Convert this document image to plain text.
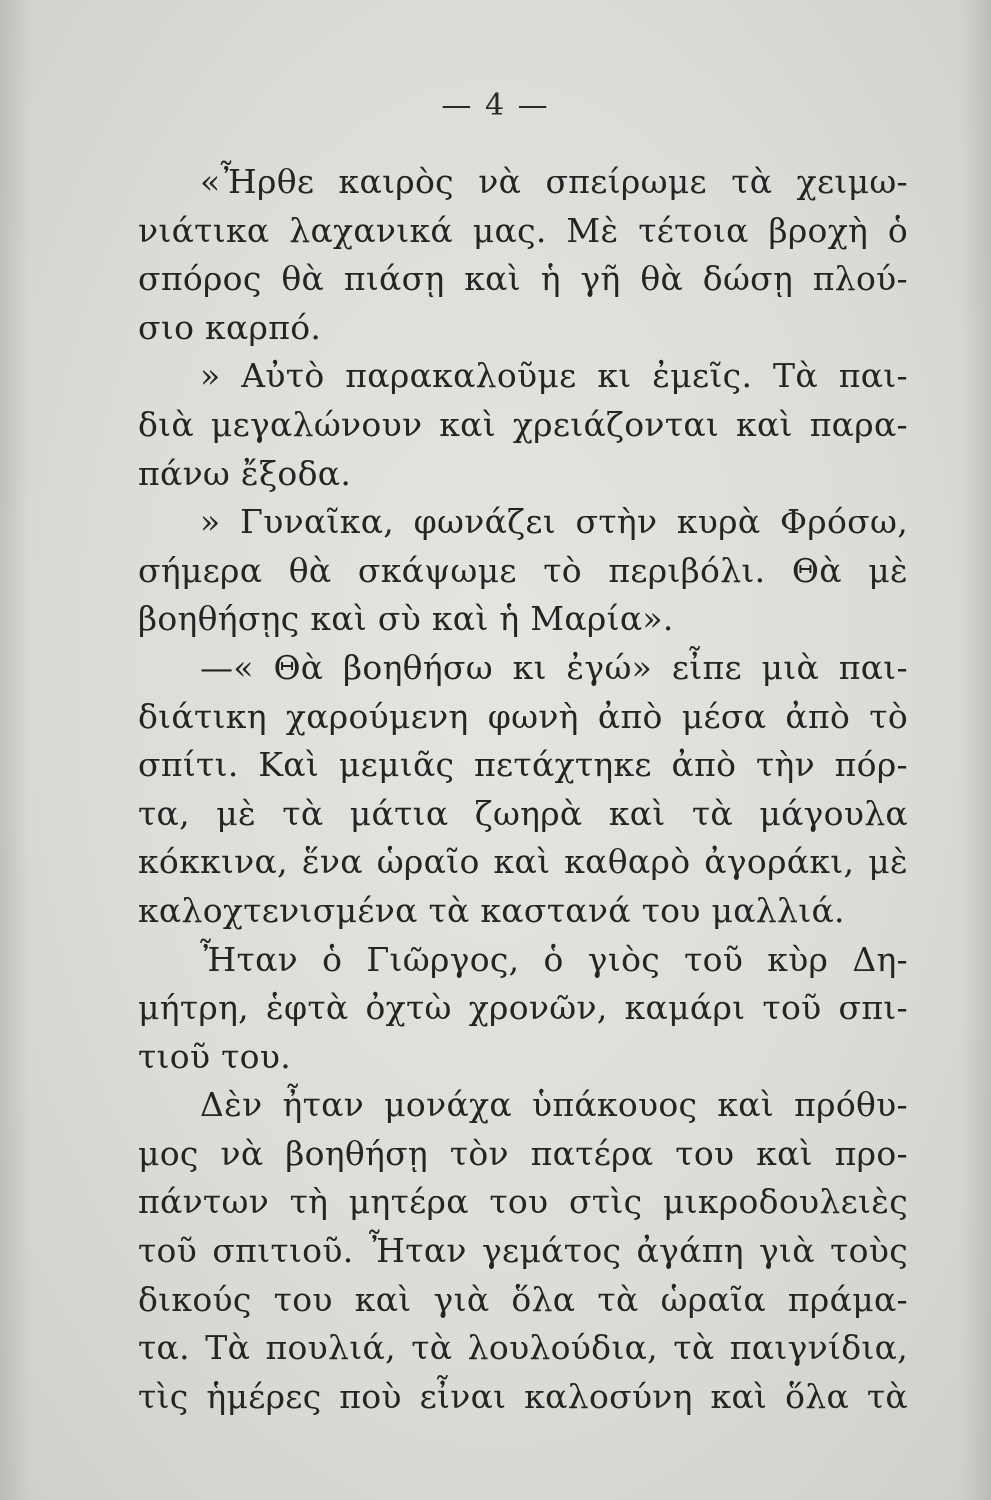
— 4 —
«Ἦρθε καιρὸς νὰ σπείρωμε τὰ χειμω-
νιάτικα λαχανικά μας. Μὲ τέτοια βροχὴ ὁ
σπόρος θὰ πιάσῃ καὶ ἡ γῆ θὰ δώσῃ πλού-
σιο καρπό.
» Αὐτὸ παρακαλοῦμε κι ἐμεῖς. Τὰ παι-
διὰ μεγαλώνουν καὶ χρειάζονται καὶ παρα-
πάνω ἔξοδα.
» Γυναῖκα, φωνάζει στὴν κυρὰ Φρόσω,
σήμερα θὰ σκάψωμε τὸ περιβόλι. Θὰ μὲ
βοηθήσῃς καὶ σὺ καὶ ἡ Μαρία».
—« Θὰ βοηθήσω κι ἐγώ» εἶπε μιὰ παι-
διάτικη χαρούμενη φωνὴ ἀπὸ μέσα ἀπὸ τὸ
σπίτι. Καὶ μεμιᾶς πετάχτηκε ἀπὸ τὴν πόρ-
τα, μὲ τὰ μάτια ζωηρὰ καὶ τὰ μάγουλα
κόκκινα, ἕνα ὡραῖο καὶ καθαρὸ ἀγοράκι, μὲ
καλοχτενισμένα τὰ καστανά του μαλλιά.
Ἦταν ὁ Γιῶργος, ὁ γιὸς τοῦ κὺρ Δη-
μήτρη, ἑφτὰ ὀχτὼ χρονῶν, καμάρι τοῦ σπι-
τιοῦ του.
Δὲν ἦταν μονάχα ὑπάκουος καὶ πρόθυ-
μος νὰ βοηθήσῃ τὸν πατέρα του καὶ προ-
πάντων τὴ μητέρα του στὶς μικροδουλειὲς
τοῦ σπιτιοῦ. Ἦταν γεμάτος ἀγάπη γιὰ τοὺς
δικούς του καὶ γιὰ ὅλα τὰ ὡραῖα πράμα-
τα. Τὰ πουλιά, τὰ λουλούδια, τὰ παιγνίδια,
τὶς ἡμέρες ποὺ εἶναι καλοσύνη καὶ ὅλα τὰ
